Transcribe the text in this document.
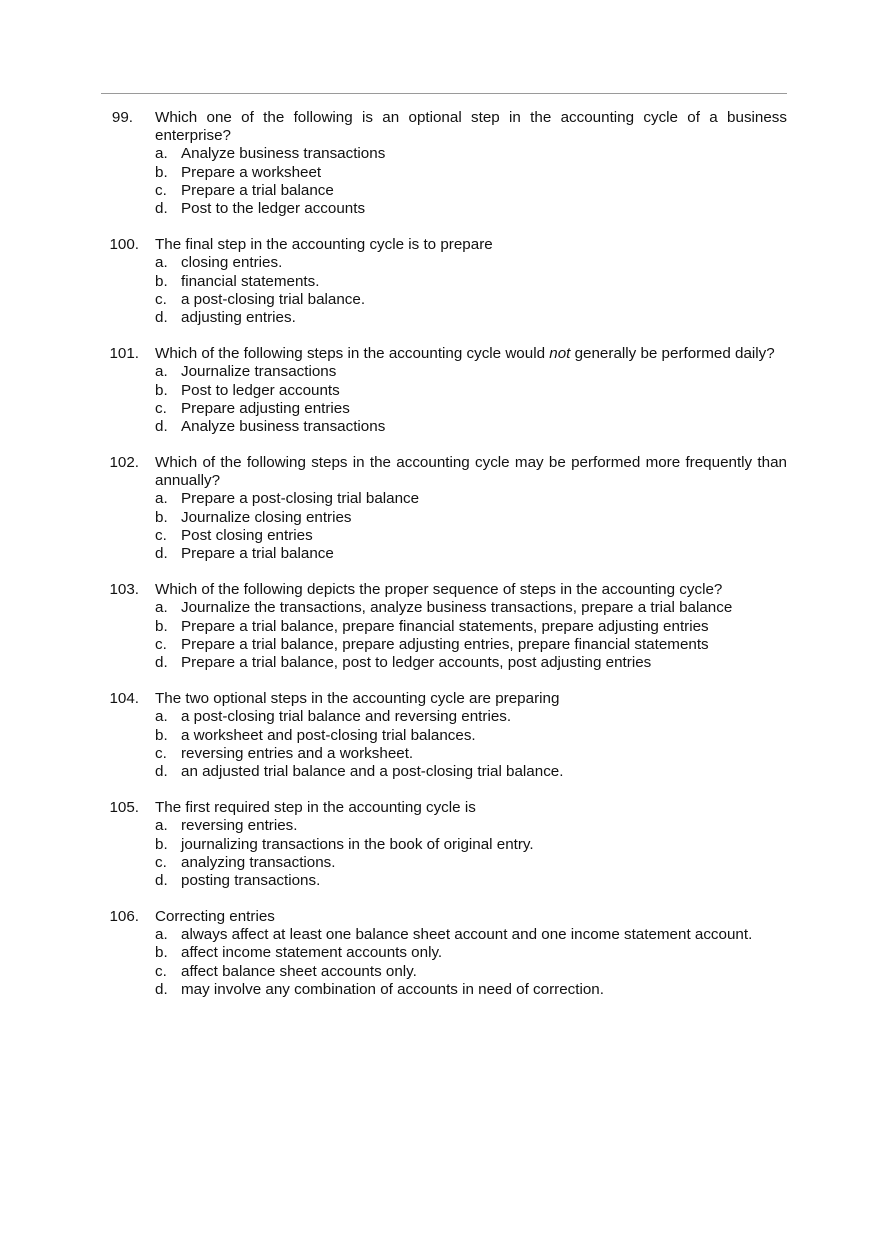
99. Which one of the following is an optional step in the accounting cycle of a business enterprise?
a. Analyze business transactions
b. Prepare a worksheet
c. Prepare a trial balance
d. Post to the ledger accounts
100. The final step in the accounting cycle is to prepare
a. closing entries.
b. financial statements.
c. a post-closing trial balance.
d. adjusting entries.
101. Which of the following steps in the accounting cycle would not generally be performed daily?
a. Journalize transactions
b. Post to ledger accounts
c. Prepare adjusting entries
d. Analyze business transactions
102. Which of the following steps in the accounting cycle may be performed more frequently than annually?
a. Prepare a post-closing trial balance
b. Journalize closing entries
c. Post closing entries
d. Prepare a trial balance
103. Which of the following depicts the proper sequence of steps in the accounting cycle?
a. Journalize the transactions, analyze business transactions, prepare a trial balance
b. Prepare a trial balance, prepare financial statements, prepare adjusting entries
c. Prepare a trial balance, prepare adjusting entries, prepare financial statements
d. Prepare a trial balance, post to ledger accounts, post adjusting entries
104. The two optional steps in the accounting cycle are preparing
a. a post-closing trial balance and reversing entries.
b. a worksheet and post-closing trial balances.
c. reversing entries and a worksheet.
d. an adjusted trial balance and a post-closing trial balance.
105. The first required step in the accounting cycle is
a. reversing entries.
b. journalizing transactions in the book of original entry.
c. analyzing transactions.
d. posting transactions.
106. Correcting entries
a. always affect at least one balance sheet account and one income statement account.
b. affect income statement accounts only.
c. affect balance sheet accounts only.
d. may involve any combination of accounts in need of correction.
